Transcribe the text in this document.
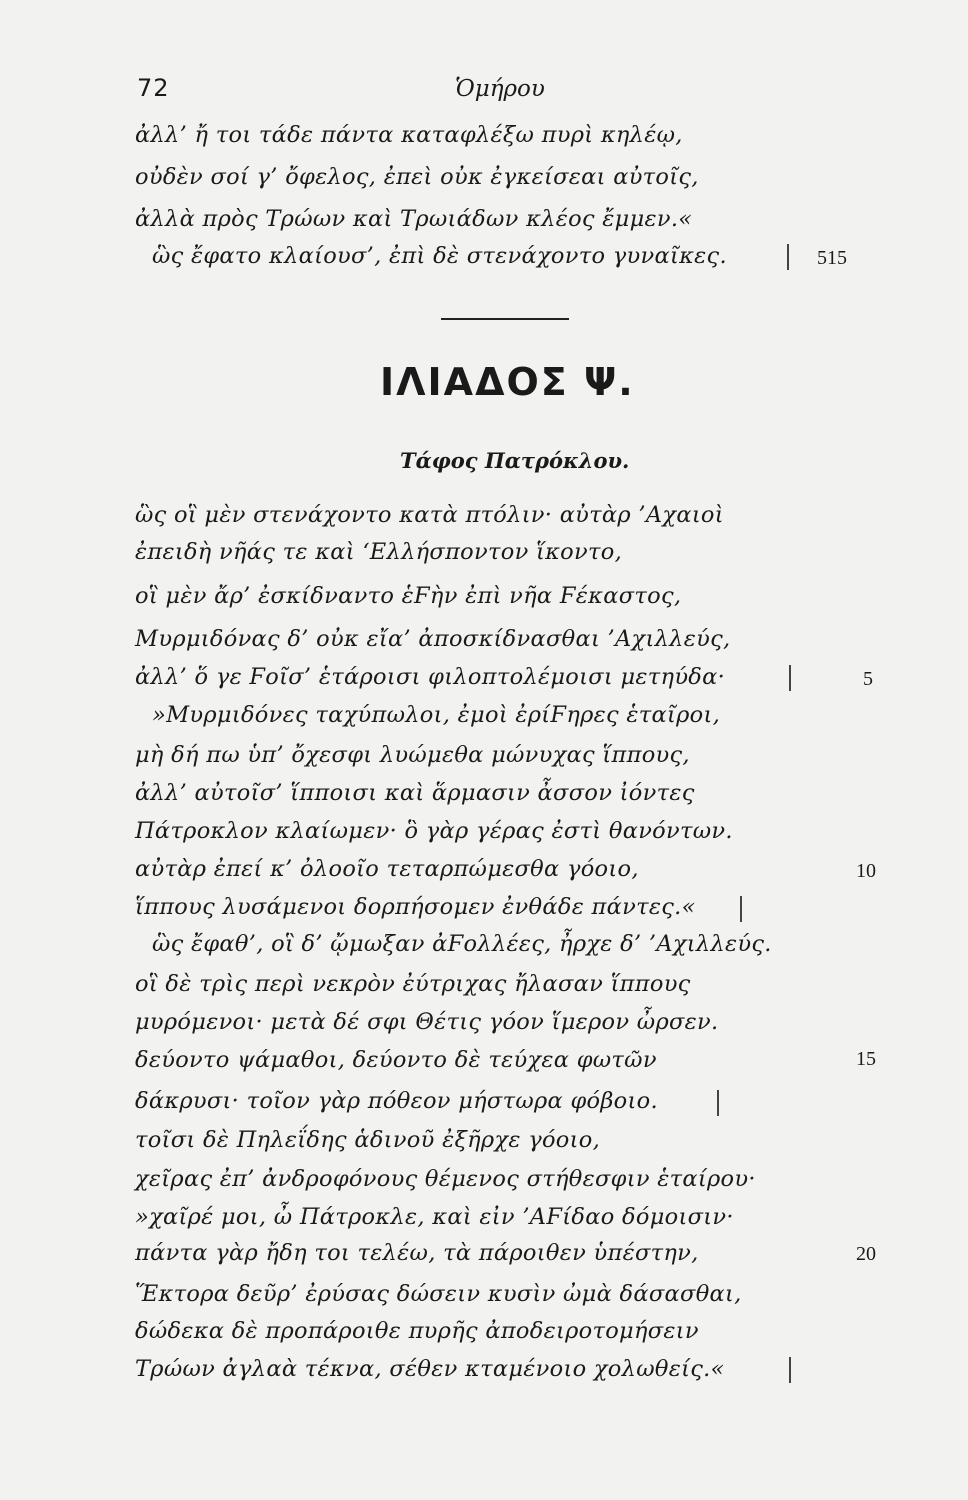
72	Ὁμήρου
ἀλλ’ ἤ τοι τάδε πάντα καταφλέξω πυρὶ κηλέῳ,
οὐδὲν σοί γ’ ὄφελος, ἐπεὶ οὐκ ἐγκείσεαι αὐτοῖς,
ἀλλὰ πρὸς Τρώων καὶ Τρωιάδων κλέος ἔμμεν.«
ὣς ἔφατο κλαίουσ’, ἐπὶ δὲ στενάχοντο γυναῖκες.	515
ΙΛΙΑΔΟΣ Ψ.
Τάφος Πατρόκλου.
ὣς οἳ μὲν στενάχοντο κατὰ πτόλιν· αὐτὰρ ’Αχαιοὶ
ἐπειδὴ νῆάς τε καὶ ‘Ελλήσποντον ἵκοντο,
οἳ μὲν ἄρ’ ἐσκίδναντο ἑϜὴν ἐπὶ νῆα Ϝέκαστος,
Μυρμιδόνας δ’ οὐκ εἴα’ ἀποσκίδνασθαι ’Αχιλλεύς,
ἀλλ’ ὅ γε Ϝοῖσ’ ἑτάροισι φιλοπτολέμοισι μετηύδα·	5
»Μυρμιδόνες ταχύπωλοι, ἐμοὶ ἐρίϜηρες ἑταῖροι,
μὴ δή πω ὑπ’ ὄχεσφι λυώμεθα μώνυχας ἵππους,
ἀλλ’ αὐτοῖσ’ ἵπποισι καὶ ἅρμασιν ἆσσον ἰόντες
Πάτροκλον κλαίωμεν· ὃ γὰρ γέρας ἐστὶ θανόντων.
αὐτὰρ ἐπεί κ’ ὀλοοῖο τεταρπώμεσθα γόοιο,	10
ἵππους λυσάμενοι δορπήσομεν ἐνθάδε πάντες.«
ὣς ἔφαθ’, οἳ δ’ ᾤμωξαν ἀϜολλέες, ἦρχε δ’ ’Αχιλλεύς.
οἳ δὲ τρὶς περὶ νεκρὸν ἐύτριχας ἤλασαν ἵππους
μυρόμενοι· μετὰ δέ σφι Θέτις γόον ἵμερον ὦρσεν.
δεύοντο ψάμαθοι, δεύοντο δὲ τεύχεα φωτῶν	15
δάκρυσι· τοῖον γὰρ πόθεον μήστωρα φόβοιο.
τοῖσι δὲ Πηλεΐδης ἁδινοῦ ἐξῆρχε γόοιο,
χεῖρας ἐπ’ ἀνδροφόνους θέμενος στήθεσφιν ἑταίρου·
»χαῖρέ μοι, ὦ Πάτροκλε, καὶ εἰν ’ΑϜίδαο δόμοισιν·
πάντα γὰρ ἤδη τοι τελέω, τὰ πάροιθεν ὑπέστην,	20
Ἕκτορα δεῦρ’ ἐρύσας δώσειν κυσὶν ὠμὰ δάσασθαι,
δώδεκα δὲ προπάροιθε πυρῆς ἀποδειροτομήσειν
Τρώων ἀγλαὰ τέκνα, σέθεν κταμένοιο χολωθείς.«
